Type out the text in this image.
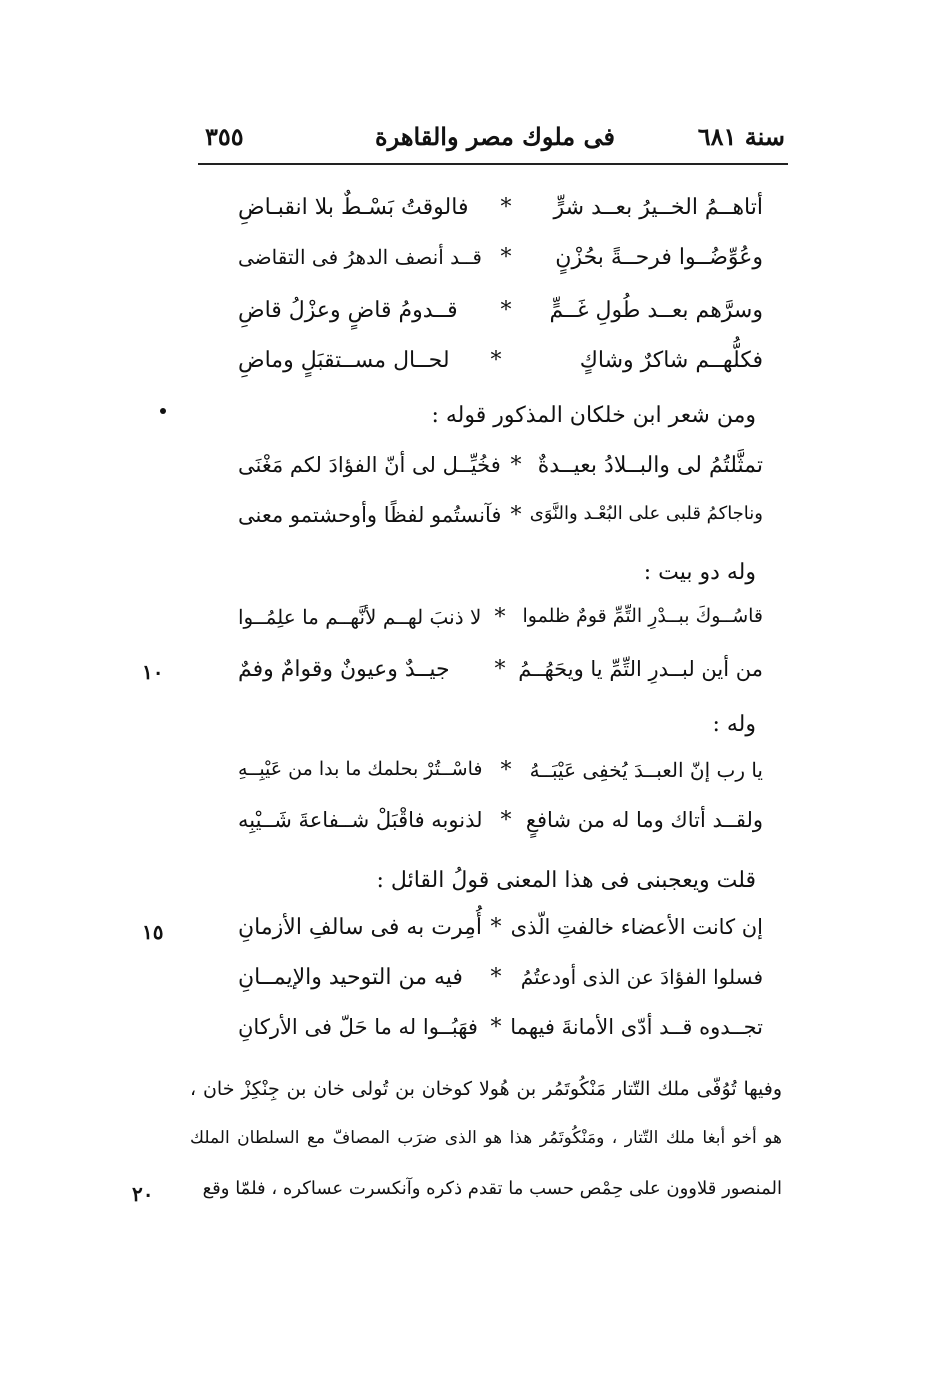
٣٥٥	فى ملوك مصر والقاهرة	سنة ٦٨١
أتاهــمُ الخــيرُ بعــد شرٍّ
*
فالوقتُ بَسْـطٌ بلا انقبـاضِ
وعُوِّضُــوا فرحــةً بحُزْنٍ
*
قــد أنصف الدهرُ فى التقاضى
وسرَّهم بعــد طُولِ غَــمٍّ
*
قــدومُ قاضٍ وعزْلُ قاضِ
فكلُّهــم شاكرٌ وشاكٍ
*
لحــال مســتقبَلٍ وماضِ
ومن شعر ابن خلكان المذكور قوله :
تمثَّلتُمُ لى والبــلادُ بعيــدةٌ
*
فخُيِّــل لى أنّ الفؤادَ لكم مَغْنَى
وناجاكمُ قلبى على البُعْـد والنَّوَى
*
فآنستُمو لفظًا وأوحشتمو معنى
وله دو بيت :
قاسُــوكَ ببــدْرِ التِّمِّ قومٌ ظلموا
*
لا ذنبَ لهــم لأنَّهــم ما علِمُــوا
من أين لبــدرِ التِّمِّ يا ويحَهُــمُ
*
جيــدٌ وعيونٌ وقوامٌ وفمٌ
١٠
وله :
يا رب إنّ العبــدَ يُخفِى عَيْبَــهُ
*
فاسْــتُرْ بحلمك ما بدا من عَيْبِــهِ
ولقــد أتاك وما له من شافعٍ
*
لذنوبه فاقْبَلْ شــفاعةَ شَــيْبِه
قلت ويعجبنى فى هذا المعنى قولُ القائل :
إن كانت الأعضاء خالفتِ الّذى
*
أُمِرت به فى سالفِ الأزمانِ
١٥
فسلوا الفؤادَ عن الذى أودعتُمُ
*
فيه من التوحيد والإيمــانِ
تجــدوه قــد أدّى الأمانةَ فيهما
*
فهَبُــوا له ما حَلّ فى الأركانِ
وفيها تُوُفّى ملك التّتار مَنْكُوتَمُر بن هُولا كوخان بن تُولى خان بن جِنْكِزْ خان ،
هو أخو أبغا ملك التّتار ، ومَنْكُوتَمُر هذا هو الذى ضرَب المصافّ مع السلطان الملك
المنصور قلاوون على حِمْص حسب ما تقدم ذكره وآنكسرت عساكره ، فلمّا وقع
٢٠
